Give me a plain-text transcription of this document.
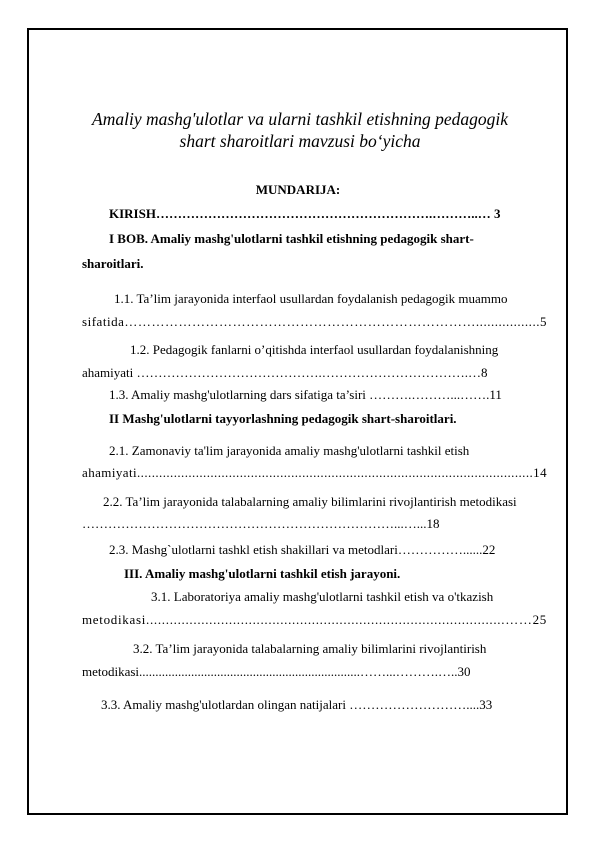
Amaliy mashg'ulotlar va ularni tashkil etishning pedagogik
shart sharoitlari mavzusi bo‘yicha
MUNDARIJA:
KIRISH……………………………………………………….………..… 3
I BOB. Amaliy mashg'ulotlarni tashkil etishning pedagogik shart-
sharoitlari.
1.1. Ta’lim jarayonida interfaol usullardan foydalanish pedagogik muammo
sifatida…………………………………………………………………….................5
1.2. Pedagogik fanlarni o’qitishda interfaol usullardan foydalanishning
ahamiyati …………………………………….…………………………….…8
1.3. Amaliy mashg'ulotlarning dars sifatiga ta’siri ……….………...…….11
II Mashg'ulotlarni tayyorlashning pedagogik shart-sharoitlari.
2.1. Zamonaviy ta'lim jarayonida amaliy mashg'ulotlarni tashkil etish
ahamiyati............................................................................................................14
2.2. Ta’lim jarayonida talabalarning amaliy bilimlarini rivojlantirish metodikasi
………………………………………………………………...…...18
2.3. Mashg`ulotlarni tashkl etish shakillari va metodlari……………......22
III. Amaliy mashg'ulotlarni tashkil etish jarayoni.
3.1. Laboratoriya amaliy mashg'ulotlarni tashkil etish va o'tkazish
metodikasi...........................................................................................……25
3.2. Ta’lim jarayonida talabalarning amaliy bilimlarini rivojlantirish
metodikasi....................................................................……...……….…..30
3.3. Amaliy mashg'ulotlardan olingan natijalari ………………………....33
